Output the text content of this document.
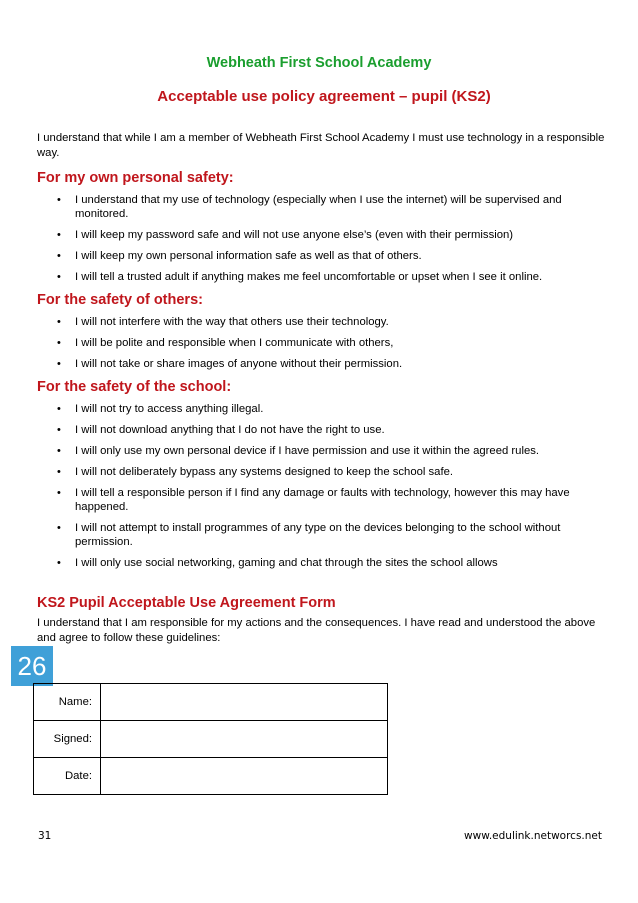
Webheath First School Academy
Acceptable use policy agreement – pupil (KS2)

I understand that while I am a member of Webheath First School Academy I must use technology in a responsible way.

For my own personal safety:
• I understand that my use of technology (especially when I use the internet) will be supervised and monitored.
• I will keep my password safe and will not use anyone else’s (even with their permission)
• I will keep my own personal information safe as well as that of others.
• I will tell a trusted adult if anything makes me feel uncomfortable or upset when I see it online.
For the safety of others:
• I will not interfere with the way that others use their technology.
• I will be polite and responsible when I communicate with others,
• I will not take or share images of anyone without their permission.
For the safety of the school:
• I will not try to access anything illegal.
• I will not download anything that I do not have the right to use.
• I will only use my own personal device if I have permission and use it within the agreed rules.
• I will not deliberately bypass any systems designed to keep the school safe.
• I will tell a responsible person if I find any damage or faults with technology, however this may have happened.
• I will not attempt to install programmes of any type on the devices belonging to the school without permission.
• I will only use social networking, gaming and chat through the sites the school allows
KS2 Pupil Acceptable Use Agreement Form

I understand that I am responsible for my actions and the consequences. I have read and understood the above and agree to follow these guidelines:

26
Name:	
Signed:	
Date:	
31	www.edulink.networcs.net
